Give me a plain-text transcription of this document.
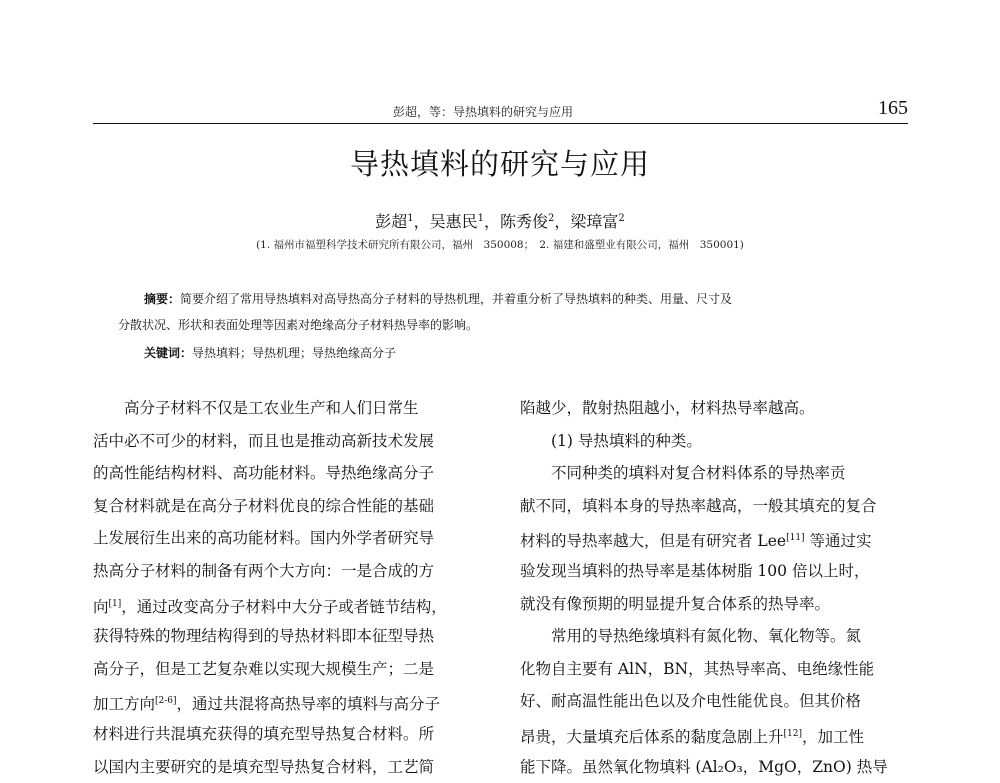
彭超，等：导热填料的研究与应用	165
导热填料的研究与应用
彭超$^1$，吴惠民$^1$，陈秀俊$^2$，梁璋富$^2$
(1. 福州市福塑科学技术研究所有限公司，福州　350008；　2. 福建和盛塑业有限公司，福州　350001)
摘要：简要介绍了常用导热填料对高导热高分子材料的导热机理，并着重分析了导热填料的种类、用量、尺寸及
分散状况、形状和表面处理等因素对绝缘高分子材料热导率的影响。
关键词：导热填料；导热机理；导热绝缘高分子
高分子材料不仅是工农业生产和人们日常生
活中必不可少的材料，而且也是推动高新技术发展
的高性能结构材料、高功能材料。导热绝缘高分子
复合材料就是在高分子材料优良的综合性能的基础
上发展衍生出来的高功能材料。国内外学者研究导
热高分子材料的制备有两个大方向：一是合成的方
向[1]，通过改变高分子材料中大分子或者链节结构，
获得特殊的物理结构得到的导热材料即本征型导热
高分子，但是工艺复杂难以实现大规模生产；二是
加工方向[2-6]，通过共混将高热导率的填料与高分子
材料进行共混填充获得的填充型导热复合材料。所
以国内主要研究的是填充型导热复合材料，工艺简
陷越少，散射热阻越小，材料热导率越高。
(1) 导热填料的种类。
不同种类的填料对复合材料体系的导热率贡
献不同，填料本身的导热率越高，一般其填充的复合
材料的导热率越大，但是有研究者 Lee[11] 等通过实
验发现当填料的热导率是基体树脂 100 倍以上时，
就没有像预期的明显提升复合体系的热导率。
常用的导热绝缘填料有氮化物、氧化物等。氮
化物自主要有 AlN，BN，其热导率高、电绝缘性能
好、耐高温性能出色以及介电性能优良。但其价格
昂贵，大量填充后体系的黏度急剧上升[12]，加工性
能下降。虽然氧化物填料 (Al₂O₃，MgO，ZnO) 热导
